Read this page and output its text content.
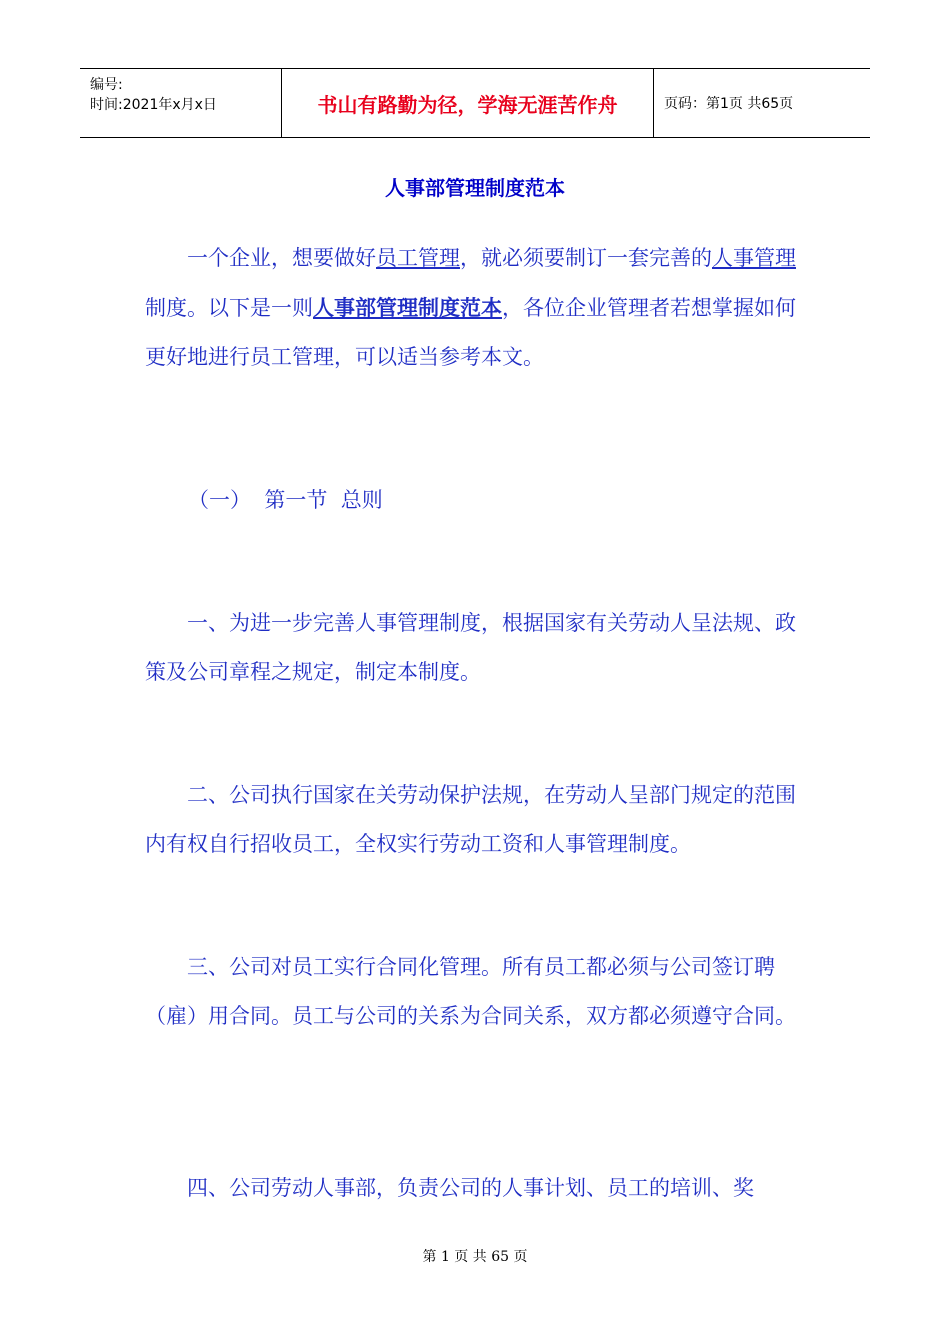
编号:
时间:2021年x月x日	书山有路勤为径，学海无涯苦作舟	页码：第1页 共65页
人事部管理制度范本

一个企业，想要做好员工管理，就必须要制订一套完善的人事管理制度。以下是一则人事部管理制度范本，各位企业管理者若想掌握如何更好地进行员工管理，可以适当参考本文。

（一） 第一节  总则

一、为进一步完善人事管理制度，根据国家有关劳动人呈法规、政策及公司章程之规定，制定本制度。

二、公司执行国家在关劳动保护法规，在劳动人呈部门规定的范围内有权自行招收员工，全权实行劳动工资和人事管理制度。

三、公司对员工实行合同化管理。所有员工都必须与公司签订聘（雇）用合同。员工与公司的关系为合同关系，双方都必须遵守合同。

四、公司劳动人事部，负责公司的人事计划、员工的培训、奖

第 1 页 共 65 页
